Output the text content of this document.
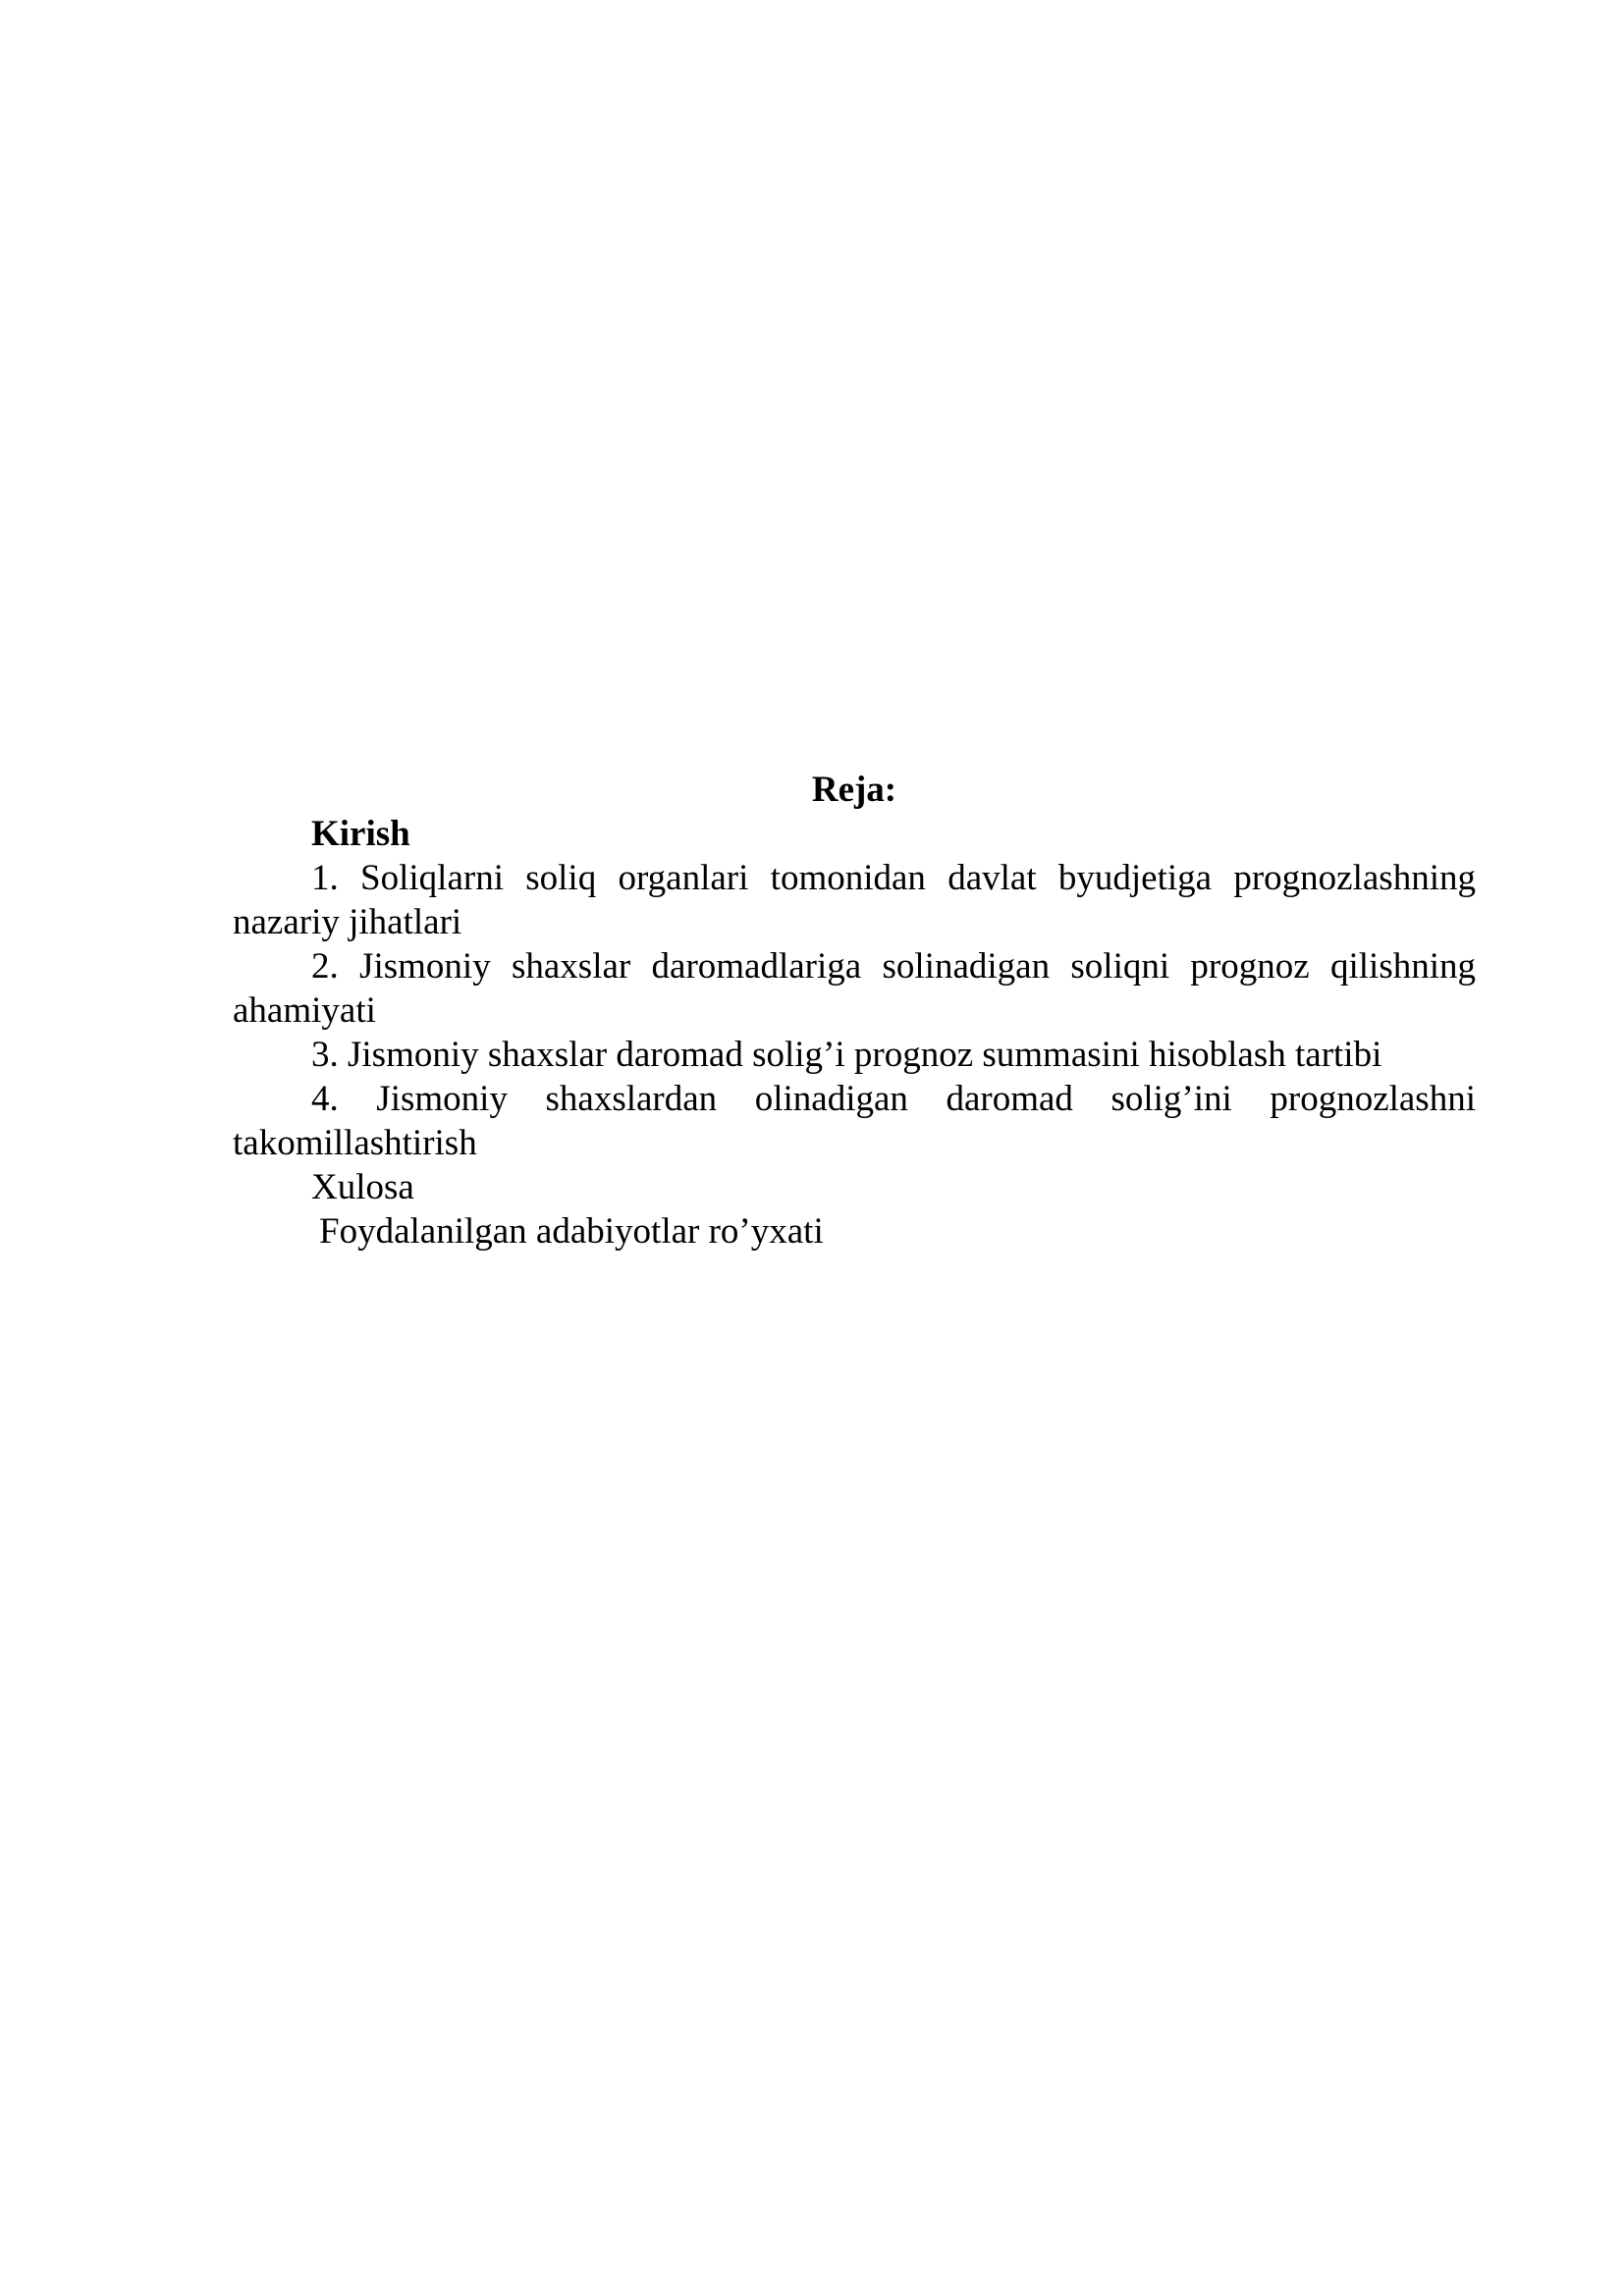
Reja:

Kirish

1. Soliqlarni soliq organlari tomonidan davlat byudjetiga prognozlashning nazariy jihatlari

2. Jismoniy shaxslar daromadlariga solinadigan soliqni prognoz qilishning ahamiyati

3. Jismoniy shaxslar daromad solig’i prognoz summasini hisoblash tartibi

4. Jismoniy shaxslardan olinadigan daromad solig’ini prognozlashni takomillashtirish

Xulosa

Foydalanilgan adabiyotlar ro’yxati
